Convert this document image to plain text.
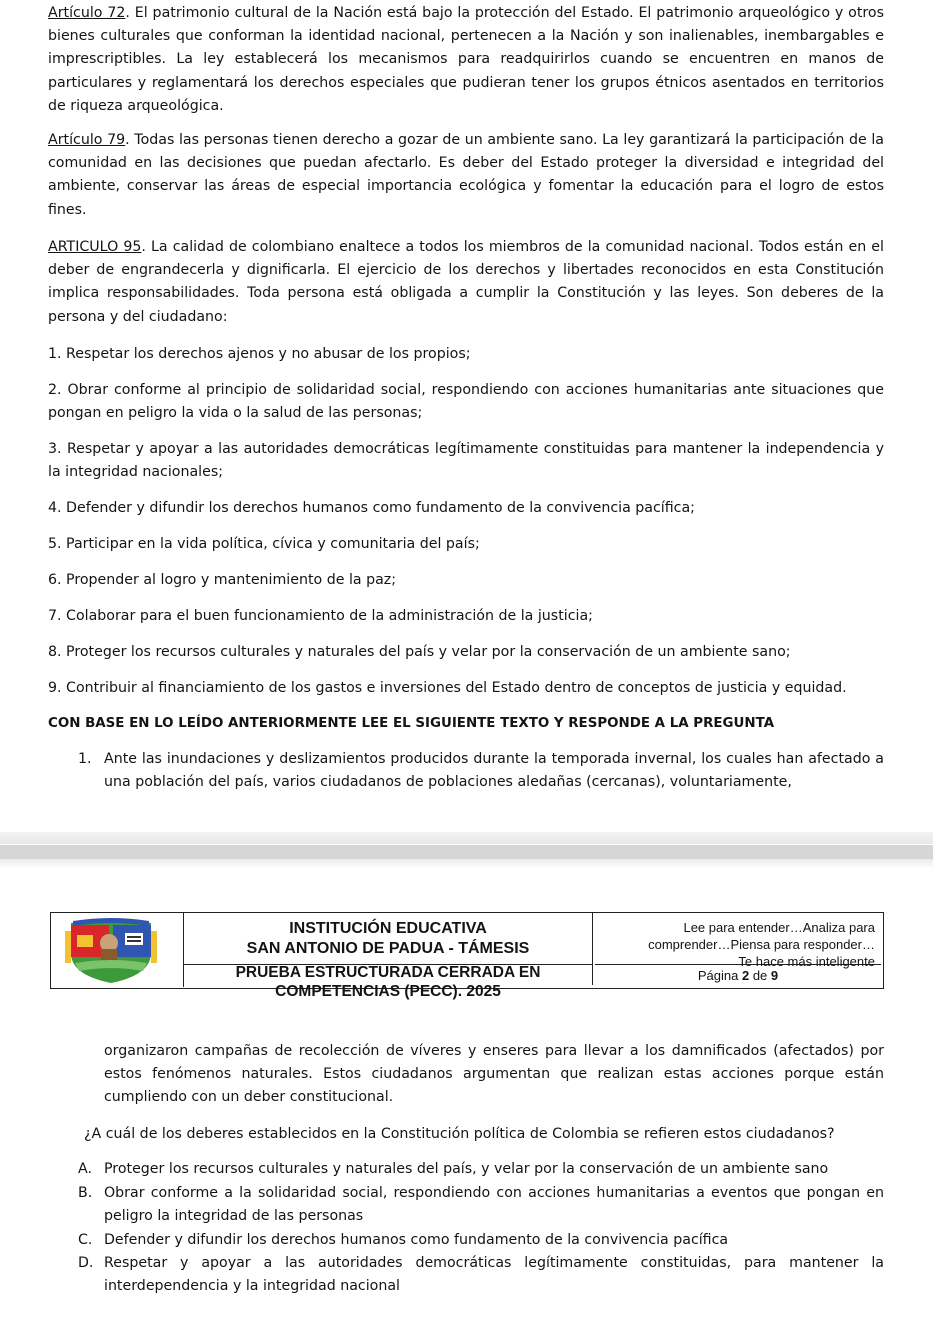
Artículo 72. El patrimonio cultural de la Nación está bajo la protección del Estado. El patrimonio arqueológico y otros bienes culturales que conforman la identidad nacional, pertenecen a la Nación y son inalienables, inembargables e imprescriptibles. La ley establecerá los mecanismos para readquirirlos cuando se encuentren en manos de particulares y reglamentará los derechos especiales que pudieran tener los grupos étnicos asentados en territorios de riqueza arqueológica.

Artículo 79. Todas las personas tienen derecho a gozar de un ambiente sano. La ley garantizará la participación de la comunidad en las decisiones que puedan afectarlo. Es deber del Estado proteger la diversidad e integridad del ambiente, conservar las áreas de especial importancia ecológica y fomentar la educación para el logro de estos fines.

ARTICULO 95. La calidad de colombiano enaltece a todos los miembros de la comunidad nacional. Todos están en el deber de engrandecerla y dignificarla. El ejercicio de los derechos y libertades reconocidos en esta Constitución implica responsabilidades. Toda persona está obligada a cumplir la Constitución y las leyes. Son deberes de la persona y del ciudadano:

1. Respetar los derechos ajenos y no abusar de los propios;

2. Obrar conforme al principio de solidaridad social, respondiendo con acciones humanitarias ante situaciones que pongan en peligro la vida o la salud de las personas;

3. Respetar y apoyar a las autoridades democráticas legítimamente constituidas para mantener la independencia y la integridad nacionales;

4. Defender y difundir los derechos humanos como fundamento de la convivencia pacífica;

5. Participar en la vida política, cívica y comunitaria del país;

6. Propender al logro y mantenimiento de la paz;

7. Colaborar para el buen funcionamiento de la administración de la justicia;

8. Proteger los recursos culturales y naturales del país y velar por la conservación de un ambiente sano;

9. Contribuir al financiamiento de los gastos e inversiones del Estado dentro de conceptos de justicia y equidad.

CON BASE EN LO LEÍDO ANTERIORMENTE LEE EL SIGUIENTE TEXTO Y RESPONDE A LA PREGUNTA

1. Ante las inundaciones y deslizamientos producidos durante la temporada invernal, los cuales han afectado a una población del país, varios ciudadanos de poblaciones aledañas (cercanas), voluntariamente,
INSTITUCIÓN EDUCATIVA
SAN ANTONIO DE PADUA - TÁMESIS
PRUEBA ESTRUCTURADA CERRADA EN
COMPETENCIAS (PECC). 2025
Lee para entender…Analiza para
comprender…Piensa para responder…
Te hace más inteligente
Página 2 de 9

organizaron campañas de recolección de víveres y enseres para llevar a los damnificados (afectados) por estos fenómenos naturales. Estos ciudadanos argumentan que realizan estas acciones porque están cumpliendo con un deber constitucional.

¿A cuál de los deberes establecidos en la Constitución política de Colombia se refieren estos ciudadanos?

A. Proteger los recursos culturales y naturales del país, y velar por la conservación de un ambiente sano
B. Obrar conforme a la solidaridad social, respondiendo con acciones humanitarias a eventos que pongan en peligro la integridad de las personas
C. Defender y difundir los derechos humanos como fundamento de la convivencia pacífica
D. Respetar y apoyar a las autoridades democráticas legítimamente constituidas, para mantener la interdependencia y la integridad nacional
